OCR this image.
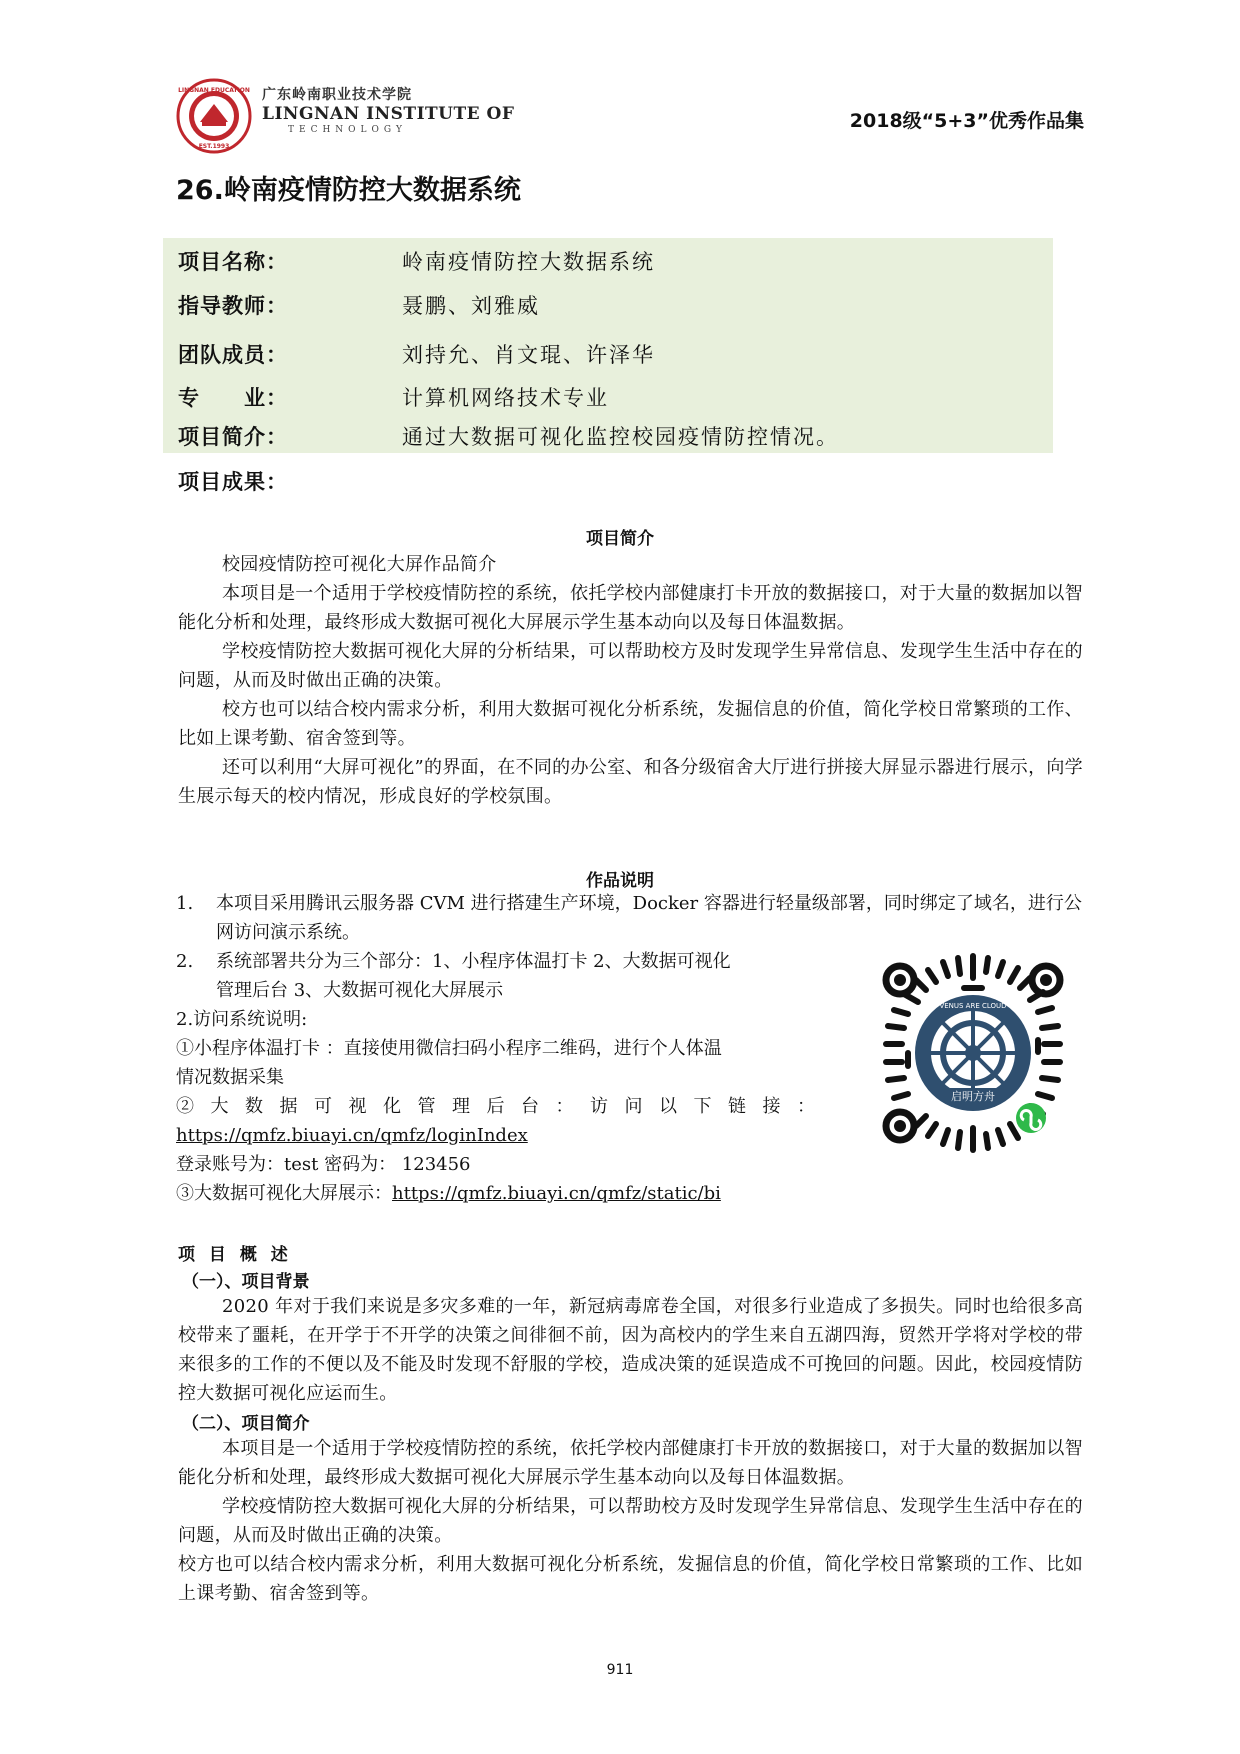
LINGNAN EDUCATION
EST.1993
广东岭南职业技术学院
LINGNAN INSTITUTE OF
TECHNOLOGY	2018级“5+3”优秀作品集
26.岭南疫情防控大数据系统
项目名称：	岭南疫情防控大数据系统
指导教师：	聂鹏、刘雅威
团队成员：	刘持允、肖文琨、许泽华
专　　业：	计算机网络技术专业
项目简介：	通过大数据可视化监控校园疫情防控情况。
项目成果：
项目简介

校园疫情防控可视化大屏作品简介

本项目是一个适用于学校疫情防控的系统，依托学校内部健康打卡开放的数据接口，对于大量的数据加以智能化分析和处理，最终形成大数据可视化大屏展示学生基本动向以及每日体温数据。

学校疫情防控大数据可视化大屏的分析结果，可以帮助校方及时发现学生异常信息、发现学生生活中存在的问题，从而及时做出正确的决策。

校方也可以结合校内需求分析，利用大数据可视化分析系统，发掘信息的价值，简化学校日常繁琐的工作、比如上课考勤、宿舍签到等。

还可以利用“大屏可视化”的界面，在不同的办公室、和各分级宿舍大厅进行拼接大屏显示器进行展示，向学生展示每天的校内情况，形成良好的学校氛围。

作品说明
1. 本项目采用腾讯云服务器 CVM 进行搭建生产环境，Docker 容器进行轻量级部署，同时绑定了域名，进行公网访问演示系统。
2. 系统部署共分为三个部分：1、小程序体温打卡 2、大数据可视化
管理后台 3、大数据可视化大屏展示
2.访问系统说明:
①小程序体温打卡 ：直接使用微信扫码小程序二维码，进行个人体温
情况数据采集
②大数据可视化管理后台：访问以下链接：
https://qmfz.biuayi.cn/qmfz/loginIndex
登录账号为：test 密码为： 123456
③大数据可视化大屏展示：https://qmfz.biuayi.cn/qmfz/static/bi
VENUS ARE CLOUD
启明方舟
项 目 概 述
（一）、项目背景

2020 年对于我们来说是多灾多难的一年，新冠病毒席卷全国，对很多行业造成了多损失。同时也给很多高校带来了噩耗，在开学于不开学的决策之间徘徊不前，因为高校内的学生来自五湖四海，贸然开学将对学校的带来很多的工作的不便以及不能及时发现不舒服的学校，造成决策的延误造成不可挽回的问题。因此，校园疫情防控大数据可视化应运而生。

（二）、项目简介

本项目是一个适用于学校疫情防控的系统，依托学校内部健康打卡开放的数据接口，对于大量的数据加以智能化分析和处理，最终形成大数据可视化大屏展示学生基本动向以及每日体温数据。

学校疫情防控大数据可视化大屏的分析结果，可以帮助校方及时发现学生异常信息、发现学生生活中存在的问题，从而及时做出正确的决策。

校方也可以结合校内需求分析，利用大数据可视化分析系统，发掘信息的价值，简化学校日常繁琐的工作、比如上课考勤、宿舍签到等。

911
